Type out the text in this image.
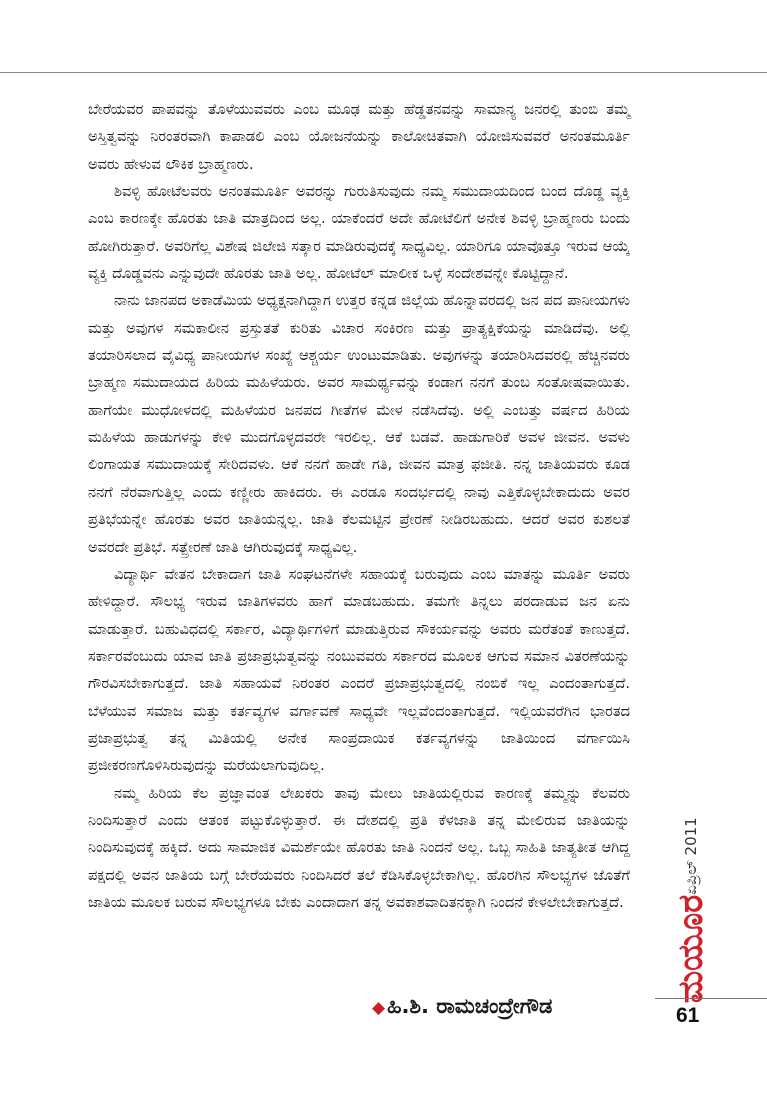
ಬೇರೆಯವರ ಪಾಪವನ್ನು ತೊಳೆಯುವವರು ಎಂಬ ಮೂಢ ಮತ್ತು ಹೆಡ್ಡತನವನ್ನು ಸಾಮಾನ್ಯ ಜನರಲ್ಲಿ ತುಂಬಿ ತಮ್ಮ ಅಸ್ತಿತ್ವವನ್ನು ನಿರಂತರವಾಗಿ ಕಾಪಾಡಲಿ ಎಂಬ ಯೋಜನೆಯನ್ನು ಕಾಲೋಚಿತವಾಗಿ ಯೋಜಿಸುವವರೆ ಅನಂತಮೂರ್ತಿ ಅವರು ಹೇಳುವ ಲೌಕಿಕ ಬ್ರಾಹ್ಮಣರು.

ಶಿವಳ್ಳಿ ಹೋಟೆಲವರು ಅನಂತಮೂರ್ತಿ ಅವರನ್ನು ಗುರುತಿಸುವುದು ನಮ್ಮ ಸಮುದಾಯದಿಂದ ಬಂದ ದೊಡ್ಡ ವ್ಯಕ್ತಿ ಎಂಬ ಕಾರಣಕ್ಕೇ ಹೊರತು ಜಾತಿ ಮಾತ್ರದಿಂದ ಅಲ್ಲ. ಯಾಕೆಂದರೆ ಅದೇ ಹೋಟೆಲಿಗೆ ಅನೇಕ ಶಿವಳ್ಳಿ ಬ್ರಾಹ್ಮಣರು ಬಂದು ಹೋಗಿರುತ್ತಾರೆ. ಅವರಿಗೆಲ್ಲ ವಿಶೇಷ ಜಿಲೇಜಿ ಸತ್ಕಾರ ಮಾಡಿರುವುದಕ್ಕೆ ಸಾಧ್ಯವಿಲ್ಲ. ಯಾರಿಗೂ ಯಾವೊತ್ತೂ ಇರುವ ಆಯ್ಕೆ ವ್ಯಕ್ತಿ ದೊಡ್ಡವನು ಎನ್ನುವುದೇ ಹೊರತು ಜಾತಿ ಅಲ್ಲ. ಹೋಟೆಲ್ ಮಾಲೀಕ ಒಳ್ಳೆ ಸಂದೇಶವನ್ನೇ ಕೊಟ್ಟಿದ್ದಾನೆ.

ನಾನು ಜಾನಪದ ಅಕಾಡೆಮಿಯ ಅಧ್ಯಕ್ಷನಾಗಿದ್ದಾಗ ಉತ್ತರ ಕನ್ನಡ ಜಿಲ್ಲೆಯ ಹೊನ್ನಾವರದಲ್ಲಿ ಜನ ಪದ ಪಾನೀಯಗಳು ಮತ್ತು ಅವುಗಳ ಸಮಕಾಲೀನ ಪ್ರಸ್ತುತತೆ ಕುರಿತು ವಿಚಾರ ಸಂಕಿರಣ ಮತ್ತು ಪ್ರಾತ್ಯಕ್ಷಿಕೆಯನ್ನು ಮಾಡಿದೆವು. ಅಲ್ಲಿ ತಯಾರಿಸಲಾದ ವೈವಿಧ್ಯ ಪಾನೀಯಗಳ ಸಂಖ್ಯೆ ಆಶ್ಚರ್ಯ ಉಂಟುಮಾಡಿತು. ಅವುಗಳನ್ನು ತಯಾರಿಸಿದವರಲ್ಲಿ ಹೆಚ್ಚಿನವರು ಬ್ರಾಹ್ಮಣ ಸಮುದಾಯದ ಹಿರಿಯ ಮಹಿಳೆಯರು. ಅವರ ಸಾಮರ್ಥ್ಯವನ್ನು ಕಂಡಾಗ ನನಗೆ ತುಂಬ ಸಂತೋಷವಾಯಿತು. ಹಾಗೆಯೇ ಮುಧೋಳದಲ್ಲಿ ಮಹಿಳೆಯರ ಜನಪದ ಗೀತೆಗಳ ಮೇಳ ನಡೆಸಿದೆವು. ಅಲ್ಲಿ ಎಂಬತ್ತು ವರ್ಷದ ಹಿರಿಯ ಮಹಿಳೆಯ ಹಾಡುಗಳನ್ನು ಕೇಳಿ ಮುದಗೊಳ್ಳದವರೇ ಇರಲಿಲ್ಲ. ಆಕೆ ಬಡವೆ. ಹಾಡುಗಾರಿಕೆ ಅವಳ ಜೀವನ. ಅವಳು ಲಿಂಗಾಯತ ಸಮುದಾಯಕ್ಕೆ ಸೇರಿದವಳು. ಆಕೆ ನನಗೆ ಹಾಡೇ ಗತಿ, ಜೀವನ ಮಾತ್ರ ಫಜೀತಿ. ನನ್ನ ಜಾತಿಯವರು ಕೂಡ ನನಗೆ ನೆರವಾಗುತ್ತಿಲ್ಲ ಎಂದು ಕಣ್ಣೀರು ಹಾಕಿದರು. ಈ ಎರಡೂ ಸಂದರ್ಭದಲ್ಲಿ ನಾವು ಎತ್ತಿಕೊಳ್ಳಬೇಕಾದುದು ಅವರ ಪ್ರತಿಭೆಯನ್ನೇ ಹೊರತು ಅವರ ಜಾತಿಯನ್ನಲ್ಲ. ಜಾತಿ ಕೆಲಮಟ್ಟಿನ ಪ್ರೇರಣೆ ನೀಡಿರಬಹುದು. ಆದರೆ ಅವರ ಕುಶಲತೆ ಅವರದೇ ಪ್ರತಿಭೆ. ಸತ್ಪ್ರೇರಣೆ ಜಾತಿ ಆಗಿರುವುದಕ್ಕೆ ಸಾಧ್ಯವಿಲ್ಲ.

ವಿದ್ಯಾರ್ಥಿ ವೇತನ ಬೇಕಾದಾಗ ಜಾತಿ ಸಂಘಟನೆಗಳೇ ಸಹಾಯಕ್ಕೆ ಬರುವುದು ಎಂಬ ಮಾತನ್ನು ಮೂರ್ತಿ ಅವರು ಹೇಳಿದ್ದಾರೆ. ಸೌಲಭ್ಯ ಇರುವ ಜಾತಿಗಳವರು ಹಾಗೆ ಮಾಡಬಹುದು. ತಮಗೇ ತಿನ್ನಲು ಪರದಾಡುವ ಜನ ಏನು ಮಾಡುತ್ತಾರೆ. ಬಹುವಿಧದಲ್ಲಿ ಸರ್ಕಾರ, ವಿದ್ಯಾರ್ಥಿಗಳಿಗೆ ಮಾಡುತ್ತಿರುವ ಸೌಕರ್ಯವನ್ನು ಅವರು ಮರೆತಂತೆ ಕಾಣುತ್ತದೆ. ಸರ್ಕಾರವೆಂಬುದು ಯಾವ ಜಾತಿ ಪ್ರಜಾಪ್ರಭುತ್ವವನ್ನು ನಂಬುವವರು ಸರ್ಕಾರದ ಮೂಲಕ ಆಗುವ ಸಮಾನ ವಿತರಣೆಯನ್ನು ಗೌರವಿಸಬೇಕಾಗುತ್ತದೆ. ಜಾತಿ ಸಹಾಯವೆ ನಿರಂತರ ಎಂದರೆ ಪ್ರಜಾಪ್ರಭುತ್ವದಲ್ಲಿ ನಂಬಿಕೆ ಇಲ್ಲ ಎಂದಂತಾಗುತ್ತದೆ. ಬೆಳೆಯುವ ಸಮಾಜ ಮತ್ತು ಕರ್ತವ್ಯಗಳ ವರ್ಗಾವಣೆ ಸಾಧ್ಯವೇ ಇಲ್ಲವೆಂದಂತಾಗುತ್ತದೆ. ಇಲ್ಲಿಯವರೆಗಿನ ಭಾರತದ ಪ್ರಜಾಪ್ರಭುತ್ವ ತನ್ನ ಮಿತಿಯಲ್ಲಿ ಅನೇಕ ಸಾಂಪ್ರದಾಯಿಕ ಕರ್ತವ್ಯಗಳನ್ನು ಜಾತಿಯಿಂದ ವರ್ಗಾಯಿಸಿ ಪ್ರಜೀಕರಣಗೊಳಿಸಿರುವುದನ್ನು ಮರೆಯಲಾಗುವುದಿಲ್ಲ.

ನಮ್ಮ ಹಿರಿಯ ಕೆಲ ಪ್ರಜ್ಞಾವಂತ ಲೇಖಕರು ತಾವು ಮೇಲು ಜಾತಿಯಲ್ಲಿರುವ ಕಾರಣಕ್ಕೆ ತಮ್ಮನ್ನು ಕೆಲವರು ನಿಂದಿಸುತ್ತಾರೆ ಎಂದು ಆತಂಕ ಪಟ್ಟುಕೊಳ್ಳುತ್ತಾರೆ. ಈ ದೇಶದಲ್ಲಿ ಪ್ರತಿ ಕೆಳಜಾತಿ ತನ್ನ ಮೇಲಿರುವ ಜಾತಿಯನ್ನು ನಿಂದಿಸುವುದಕ್ಕೆ ಹಕ್ಕಿದೆ. ಅದು ಸಾಮಾಜಿಕ ವಿಮರ್ಶೆಯೇ ಹೊರತು ಜಾತಿ ನಿಂದನೆ ಅಲ್ಲ. ಒಬ್ಬ ಸಾಹಿತಿ ಜಾತ್ಯತೀತ ಆಗಿದ್ದ ಪಕ್ಷದಲ್ಲಿ ಅವನ ಜಾತಿಯ ಬಗ್ಗೆ ಬೇರೆಯವರು ನಿಂದಿಸಿದರೆ ತಲೆ ಕೆಡಿಸಿಕೊಳ್ಳಬೇಕಾಗಿಲ್ಲ. ಹೊರಗಿನ ಸೌಲಭ್ಯಗಳ ಜೊತೆಗೆ ಜಾತಿಯ ಮೂಲಕ ಬರುವ ಸೌಲಭ್ಯಗಳೂ ಬೇಕು ಎಂದಾದಾಗ ತನ್ನ ಅವಕಾಶವಾದಿತನಕ್ಕಾಗಿ ನಿಂದನೆ ಕೇಳಲೇಬೇಕಾಗುತ್ತದೆ.

◆ಹಿ.ಶಿ. ರಾಮಚಂದ್ರೇಗೌಡ
ಏಪ್ರಿಲ್ 2011
ಮಯೂರ
61
